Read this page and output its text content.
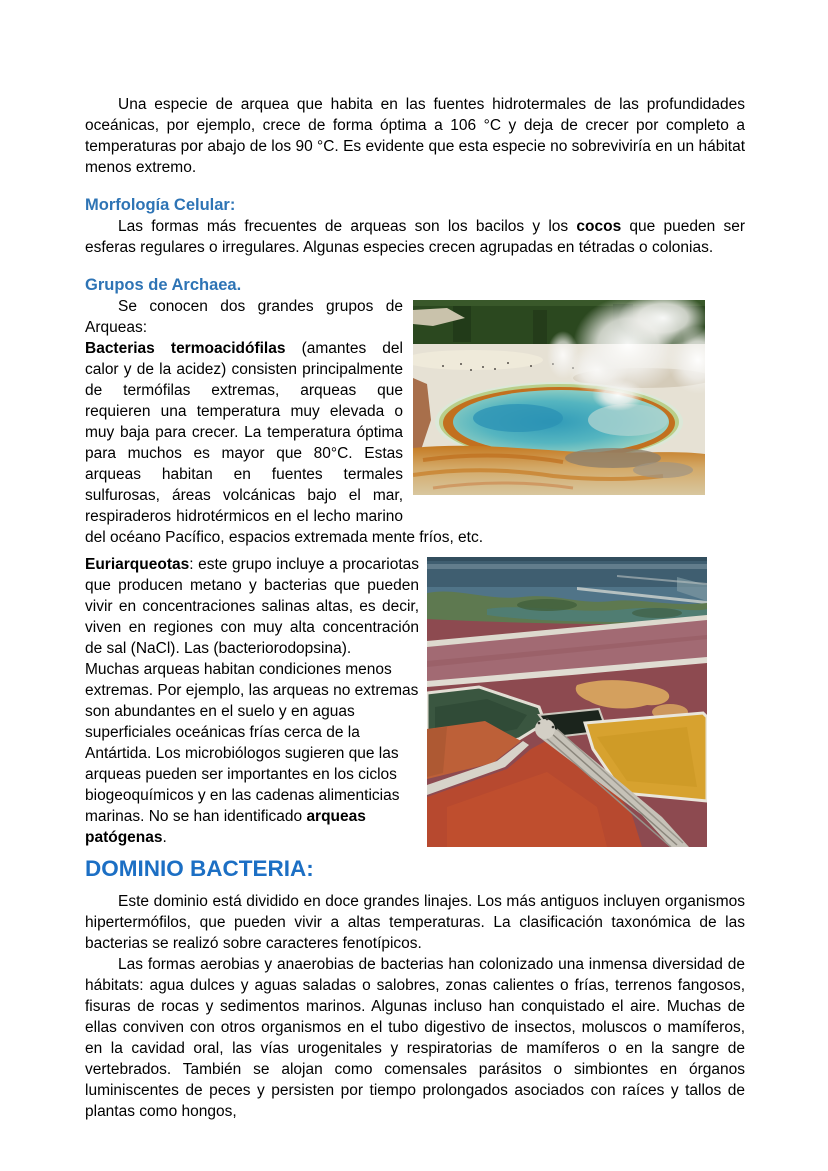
Una especie de arquea que habita en las fuentes hidrotermales de las profundidades oceánicas, por ejemplo, crece de forma óptima a 106 °C y deja de crecer por completo a temperaturas por abajo de los 90 °C. Es evidente que esta especie no sobreviviría en un hábitat menos extremo.

Morfología Celular:

Las formas más frecuentes de arqueas son los bacilos y los cocos que pueden ser esferas regulares o irregulares. Algunas especies crecen agrupadas en tétradas o colonias.

Grupos de Archaea.

Se conocen dos grandes grupos de Arqueas:

Bacterias termoacidófilas (amantes del calor y de la acidez) consisten principalmente de termófilas extremas, arqueas que requieren una temperatura muy elevada o muy baja para crecer. La temperatura óptima para muchos es mayor que 80°C. Estas arqueas habitan en fuentes termales sulfurosas, áreas volcánicas bajo el mar, respiraderos hidrotérmicos en el lecho marino del océano Pacífico, espacios extremada mente fríos, etc.

Euriarqueotas: este grupo incluye a procariotas que producen metano y bacterias que pueden vivir en concentraciones salinas altas, es decir, viven en regiones con muy alta concentración de sal (NaCl). Las (bacteriorodopsina).

Muchas arqueas habitan condiciones menos extremas. Por ejemplo, las arqueas no extremas son abundantes en el suelo y en aguas superficiales oceánicas frías cerca de la Antártida. Los microbiólogos sugieren que las arqueas pueden ser importantes en los ciclos biogeoquímicos y en las cadenas alimenticias marinas. No se han identificado arqueas patógenas.

DOMINIO BACTERIA:

Este dominio está dividido en doce grandes linajes. Los más antiguos incluyen organismos hipertermófilos, que pueden vivir a altas temperaturas. La clasificación taxonómica de las bacterias se realizó sobre caracteres fenotípicos.

Las formas aerobias y anaerobias de bacterias han colonizado una inmensa diversidad de hábitats: agua dulces y aguas saladas o salobres, zonas calientes o frías, terrenos fangosos, fisuras de rocas y sedimentos marinos. Algunas incluso han conquistado el aire. Muchas de ellas conviven con otros organismos en el tubo digestivo de insectos, moluscos o mamíferos, en la cavidad oral, las vías urogenitales y respiratorias de mamíferos o en la sangre de vertebrados. También se alojan como comensales parásitos o simbiontes en órganos luminiscentes de peces y persisten por tiempo prolongados asociados con raíces y tallos de plantas como hongos,
